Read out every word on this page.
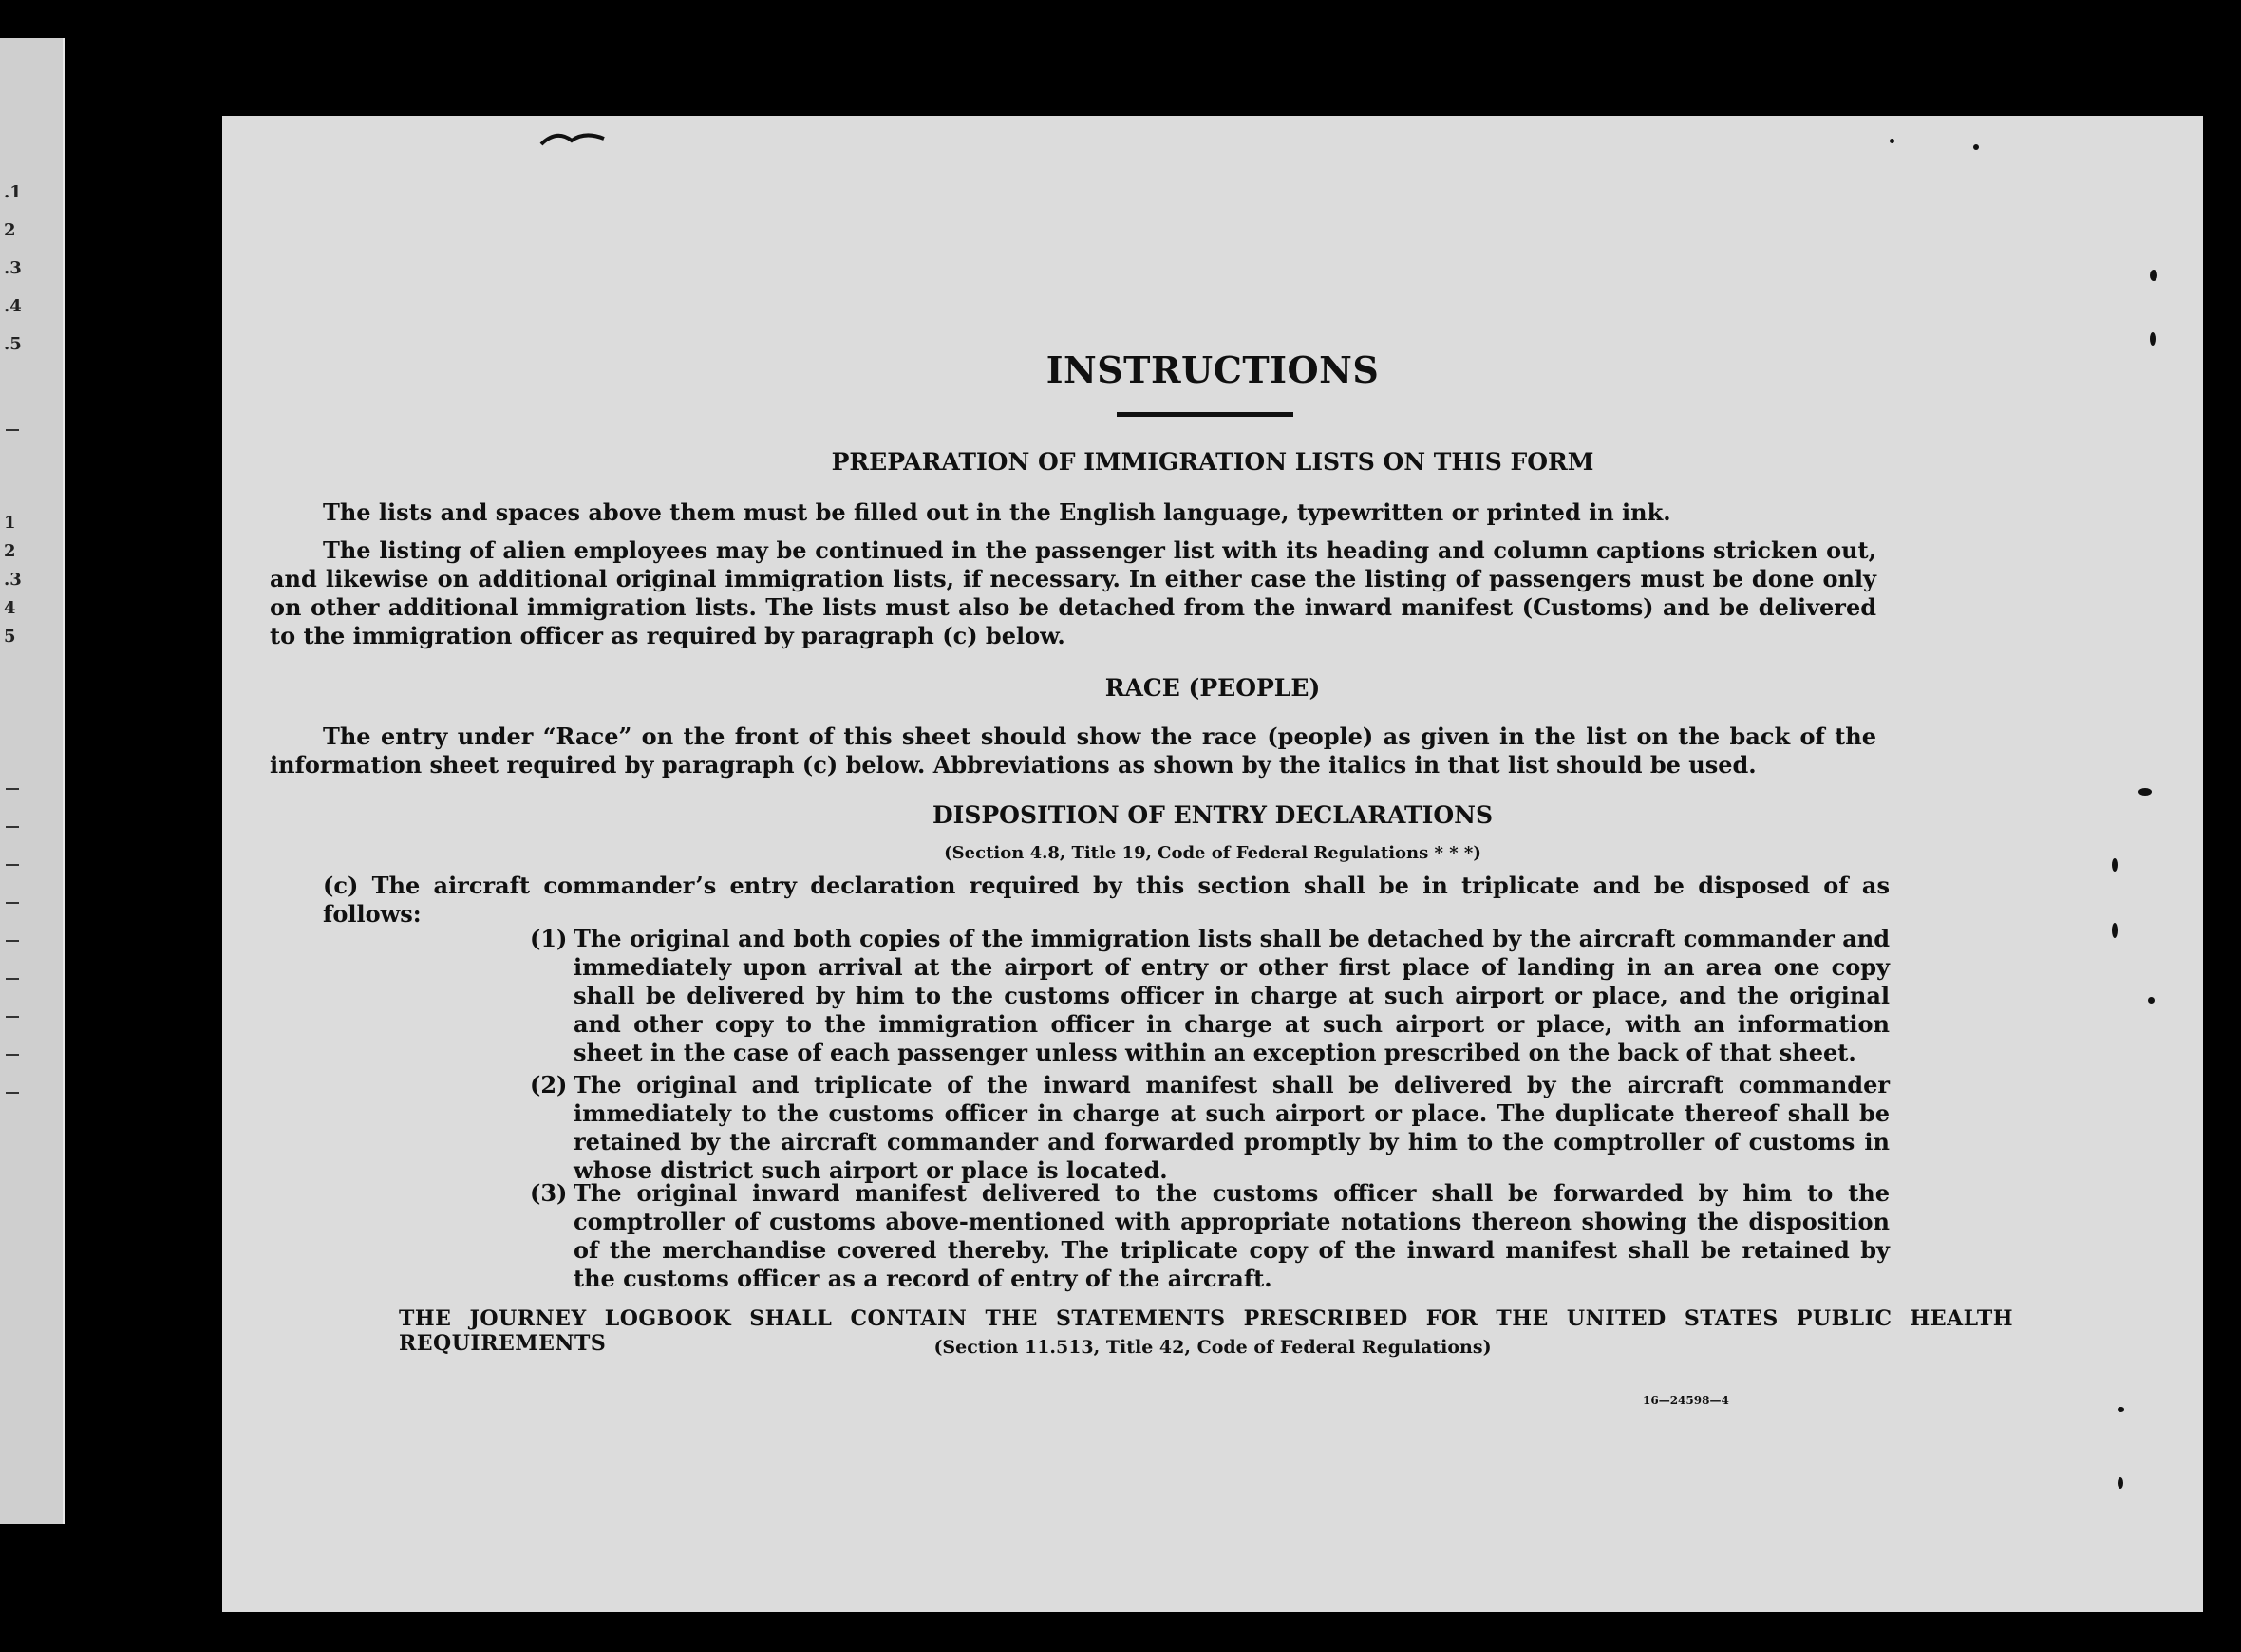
.1
2
.3
.4
.5
1
2
.3
4
5
INSTRUCTIONS
PREPARATION OF IMMIGRATION LISTS ON THIS FORM
The lists and spaces above them must be filled out in the English language, typewritten or printed in ink.
The listing of alien employees may be continued in the passenger list with its heading and column captions stricken out, and likewise on additional original immigration lists, if necessary. In either case the listing of passengers must be done only on other additional immigration lists. The lists must also be detached from the inward manifest (Customs) and be delivered to the immigration officer as required by paragraph (c) below.
RACE (PEOPLE)
The entry under “Race” on the front of this sheet should show the race (people) as given in the list on the back of the information sheet required by paragraph (c) below. Abbreviations as shown by the italics in that list should be used.
DISPOSITION OF ENTRY DECLARATIONS
(Section 4.8, Title 19, Code of Federal Regulations * * *)
(c) The aircraft commander’s entry declaration required by this section shall be in triplicate and be disposed of as follows:
(1) The original and both copies of the immigration lists shall be detached by the aircraft commander and immediately upon arrival at the airport of entry or other first place of landing in an area one copy shall be delivered by him to the customs officer in charge at such airport or place, and the original and other copy to the immigration officer in charge at such airport or place, with an information sheet in the case of each passenger unless within an exception prescribed on the back of that sheet.
(2) The original and triplicate of the inward manifest shall be delivered by the aircraft commander immediately to the customs officer in charge at such airport or place. The duplicate thereof shall be retained by the aircraft commander and forwarded promptly by him to the comptroller of customs in whose district such airport or place is located.
(3) The original inward manifest delivered to the customs officer shall be forwarded by him to the comptroller of customs above-mentioned with appropriate notations thereon showing the disposition of the merchandise covered thereby. The triplicate copy of the inward manifest shall be retained by the customs officer as a record of entry of the aircraft.
THE JOURNEY LOGBOOK SHALL CONTAIN THE STATEMENTS PRESCRIBED FOR THE UNITED STATES PUBLIC HEALTH REQUIREMENTS	(Section 11.513, Title 42, Code of Federal Regulations)
16—24598—4
